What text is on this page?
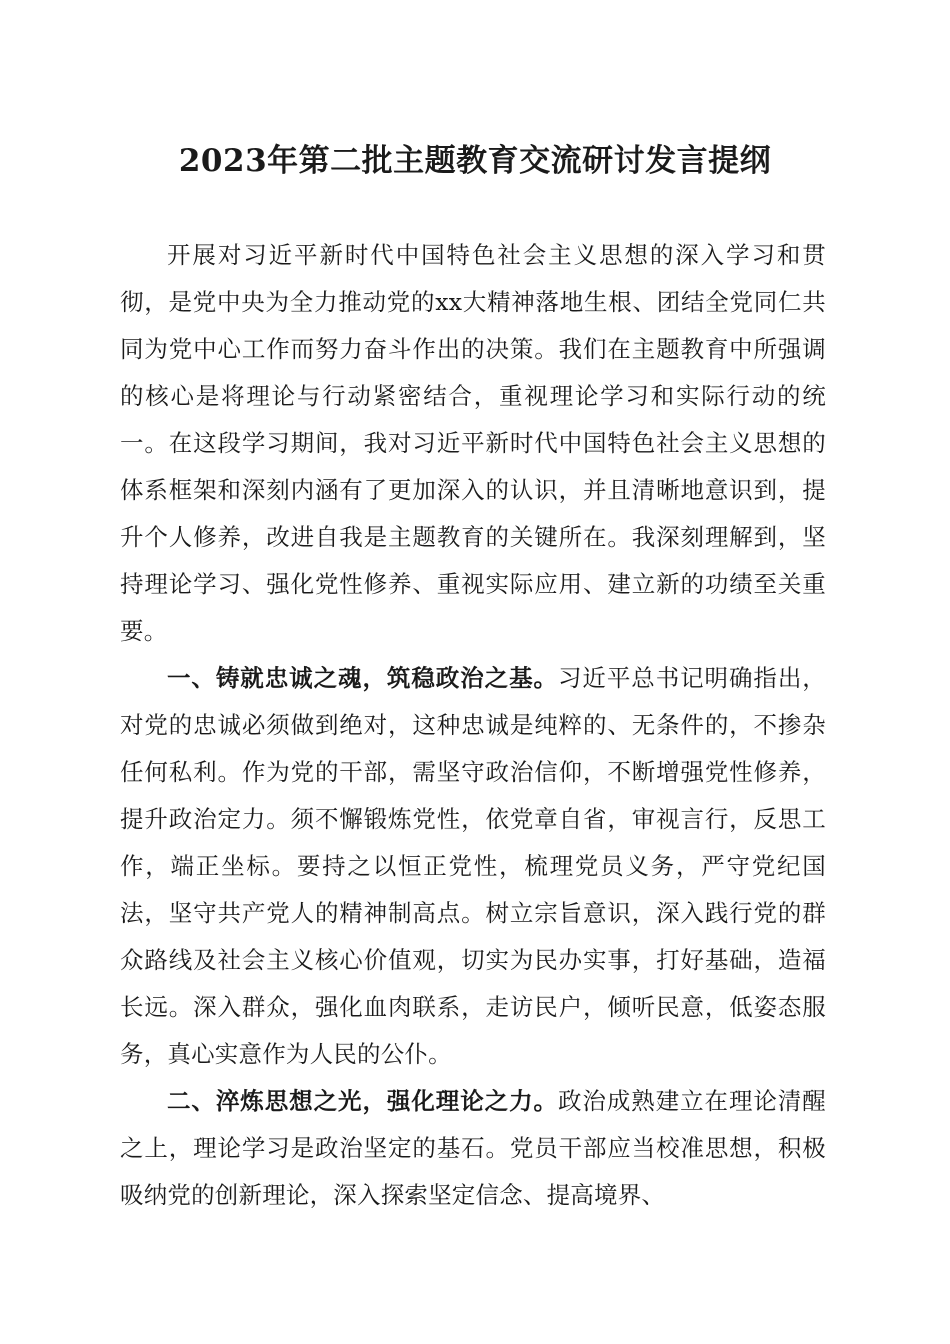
2023年第二批主题教育交流研讨发言提纲

开展对习近平新时代中国特色社会主义思想的深入学习和贯彻，是党中央为全力推动党的xx大精神落地生根、团结全党同仁共同为党中心工作而努力奋斗作出的决策。我们在主题教育中所强调的核心是将理论与行动紧密结合，重视理论学习和实际行动的统一。在这段学习期间，我对习近平新时代中国特色社会主义思想的体系框架和深刻内涵有了更加深入的认识，并且清晰地意识到，提升个人修养，改进自我是主题教育的关键所在。我深刻理解到，坚持理论学习、强化党性修养、重视实际应用、建立新的功绩至关重要。

一、铸就忠诚之魂，筑稳政治之基。习近平总书记明确指出，对党的忠诚必须做到绝对，这种忠诚是纯粹的、无条件的，不掺杂任何私利。作为党的干部，需坚守政治信仰，不断增强党性修养，提升政治定力。须不懈锻炼党性，依党章自省，审视言行，反思工作，端正坐标。要持之以恒正党性，梳理党员义务，严守党纪国法，坚守共产党人的精神制高点。树立宗旨意识，深入践行党的群众路线及社会主义核心价值观，切实为民办实事，打好基础，造福长远。深入群众，强化血肉联系，走访民户，倾听民意，低姿态服务，真心实意作为人民的公仆。

二、淬炼思想之光，强化理论之力。政治成熟建立在理论清醒之上，理论学习是政治坚定的基石。党员干部应当校准思想，积极吸纳党的创新理论，深入探索坚定信念、提高境界、
